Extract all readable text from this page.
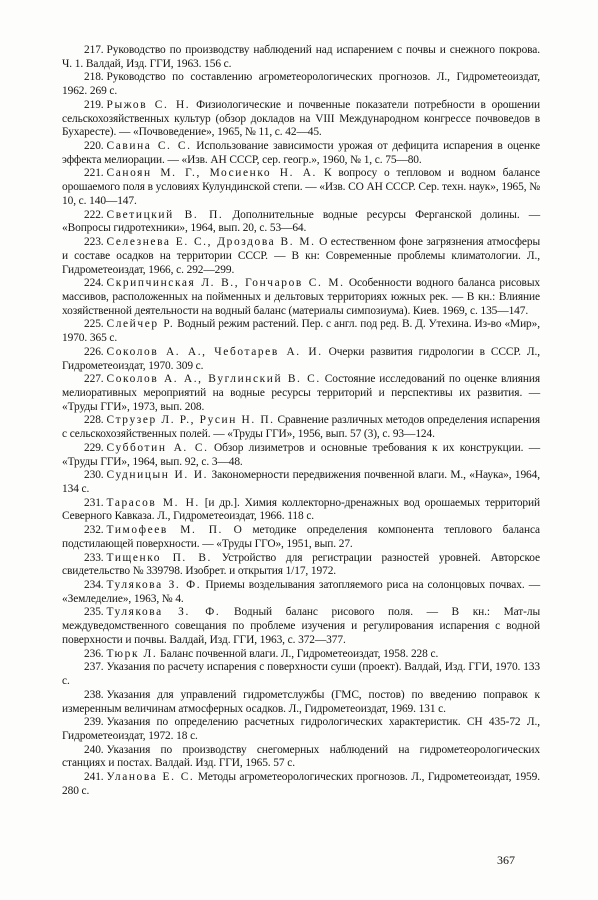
217. Руководство по производству наблюдений над испарением с почвы и снежного покрова. Ч. 1. Валдай, Изд. ГГИ, 1963. 156 с.
218. Руководство по составлению агрометеорологических прогнозов. Л., Гидрометеоиздат, 1962. 269 с.
219. Рыжов С. Н. Физиологические и почвенные показатели потребности в орошении сельскохозяйственных культур (обзор докладов на VIII Международном конгрессе почвоведов в Бухаресте). — «Почвоведение», 1965, № 11, с. 42—45.
220. Савина С. С. Использование зависимости урожая от дефицита испарения в оценке эффекта мелиорации. — «Изв. АН СССР, сер. геогр.», 1960, № 1, с. 75—80.
221. Саноян М. Г., Мосиенко Н. А. К вопросу о тепловом и водном балансе орошаемого поля в условиях Кулундинской степи. — «Изв. СО АН СССР. Сер. техн. наук», 1965, № 10, с. 140—147.
222. Светицкий В. П. Дополнительные водные ресурсы Ферганской долины. — «Вопросы гидротехники», 1964, вып. 20, с. 53—64.
223. Селезнева Е. С., Дроздова В. М. О естественном фоне загрязнения атмосферы и составе осадков на территории СССР. — В кн: Современные проблемы климатологии. Л., Гидрометеоиздат, 1966, с. 292—299.
224. Скрипчинская Л. В., Гончаров С. М. Особенности водного баланса рисовых массивов, расположенных на пойменных и дельтовых территориях южных рек. — В кн.: Влияние хозяйственной деятельности на водный баланс (материалы симпозиума). Киев. 1969, с. 135—147.
225. Слейчер Р. Водный режим растений. Пер. с англ. под ред. В. Д. Утехина. Из-во «Мир», 1970. 365 с.
226. Соколов А. А., Чеботарев А. И. Очерки развития гидрологии в СССР. Л., Гидрометеоиздат, 1970. 309 с.
227. Соколов А. А., Вуглинский В. С. Состояние исследований по оценке влияния мелиоративных мероприятий на водные ресурсы территорий и перспективы их развития. — «Труды ГГИ», 1973, вып. 208.
228. Струзер Л. Р., Русин Н. П. Сравнение различных методов определения испарения с сельскохозяйственных полей. — «Труды ГГИ», 1956, вып. 57 (3), с. 93—124.
229. Субботин А. С. Обзор лизиметров и основные требования к их конструкции. — «Труды ГГИ», 1964, вып. 92, с. 3—48.
230. Судницын И. И. Закономерности передвижения почвенной влаги. М., «Наука», 1964, 134 с.
231. Тарасов М. Н. [и др.]. Химия коллекторно-дренажных вод орошаемых территорий Северного Кавказа. Л., Гидрометеоиздат, 1966. 118 с.
232. Тимофеев М. П. О методике определения компонента теплового баланса подстилающей поверхности. — «Труды ГГО», 1951, вып. 27.
233. Тищенко П. В. Устройство для регистрации разностей уровней. Авторское свидетельство № 339798. Изобрет. и открытия 1/17, 1972.
234. Тулякова З. Ф. Приемы возделывания затопляемого риса на солонцовых почвах. — «Земледелие», 1963, № 4.
235. Тулякова З. Ф. Водный баланс рисового поля. — В кн.: Мат-лы междуведомственного совещания по проблеме изучения и регулирования испарения с водной поверхности и почвы. Валдай, Изд. ГГИ, 1963, с. 372—377.
236. Тюрк Л. Баланс почвенной влаги. Л., Гидрометеоиздат, 1958. 228 с.
237. Указания по расчету испарения с поверхности суши (проект). Валдай, Изд. ГГИ, 1970. 133 с.
238. Указания для управлений гидрометслужбы (ГМС, постов) по введению поправок к измеренным величинам атмосферных осадков. Л., Гидрометеоиздат, 1969. 131 с.
239. Указания по определению расчетных гидрологических характеристик. СН 435-72 Л., Гидрометеоиздат, 1972. 18 с.
240. Указания по производству снегомерных наблюдений на гидрометеорологических станциях и постах. Валдай. Изд. ГГИ, 1965. 57 с.
241. Уланова Е. С. Методы агрометеорологических прогнозов. Л., Гидрометеоиздат, 1959. 280 с.
367
